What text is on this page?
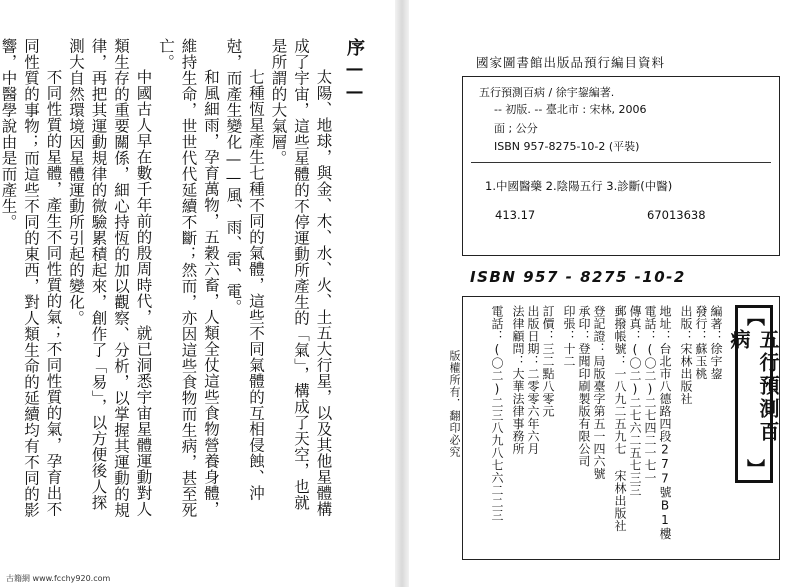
序——

太陽、地球，與金、木、水、火、土五大行星，以及其他星體構成了宇宙，這些星體的不停運動所產生的「氣」，構成了天空，也就是所謂的大氣層。

七種恆星產生七種不同的氣體，這些不同氣體的互相侵蝕、沖尅，而產生變化——風、雨、雷、電。

和風細雨，孕育萬物，五穀六畜，人類全仗這些食物營養身體，維持生命，世世代代延續不斷；然而，亦因這些食物而生病，甚至死亡。

中國古人早在數千年前的殷周時代，就已洞悉宇宙星體運動對人類生存的重要關係，細心持恆的加以觀察、分析，以掌握其運動的規律，再把其運動規律的微驗累積起來，創作了「易」，以方便後人探測大自然環境因星體運動所引起的變化。

不同性質的星體，產生不同性質的氣；不同性質的氣，孕育出不同性質的事物；而這些不同的東西，對人類生命的延續均有不同的影響，中醫學說由是而產生。	國家圖書館出版品預行編目資料
五行預測百病 / 徐宇鋆編著.
-- 初版. -- 臺北市 : 宋林, 2006
面 ; 公分
ISBN 957-8275-10-2 (平裝)
1.中國醫藥 2.陰陽五行 3.診斷(中醫)
413.17	67013638
ISBN 957 - 8275 -10-2
編著：徐宇鋆
發行：蘇玉桃
出版：宋林出版社
地址：台北市八德路四段277號B1樓
電話：(〇二)二七四二一七一
傳真：(〇二)二七六二五七三三
郵撥帳號：一八九二五九七 宋林出版社
登記證：局版臺字第五一四六號
承印：登聞印刷製版有限公司
印張：十二
訂價：三二點八零元
出版日期：二零零六年六月
法律顧問：大華法律事務所
電話：(〇二)二三八九八七六二二三	【
五行預測百病
】
版權所有．翻印必究
古籍網 www.fcchy920.com
